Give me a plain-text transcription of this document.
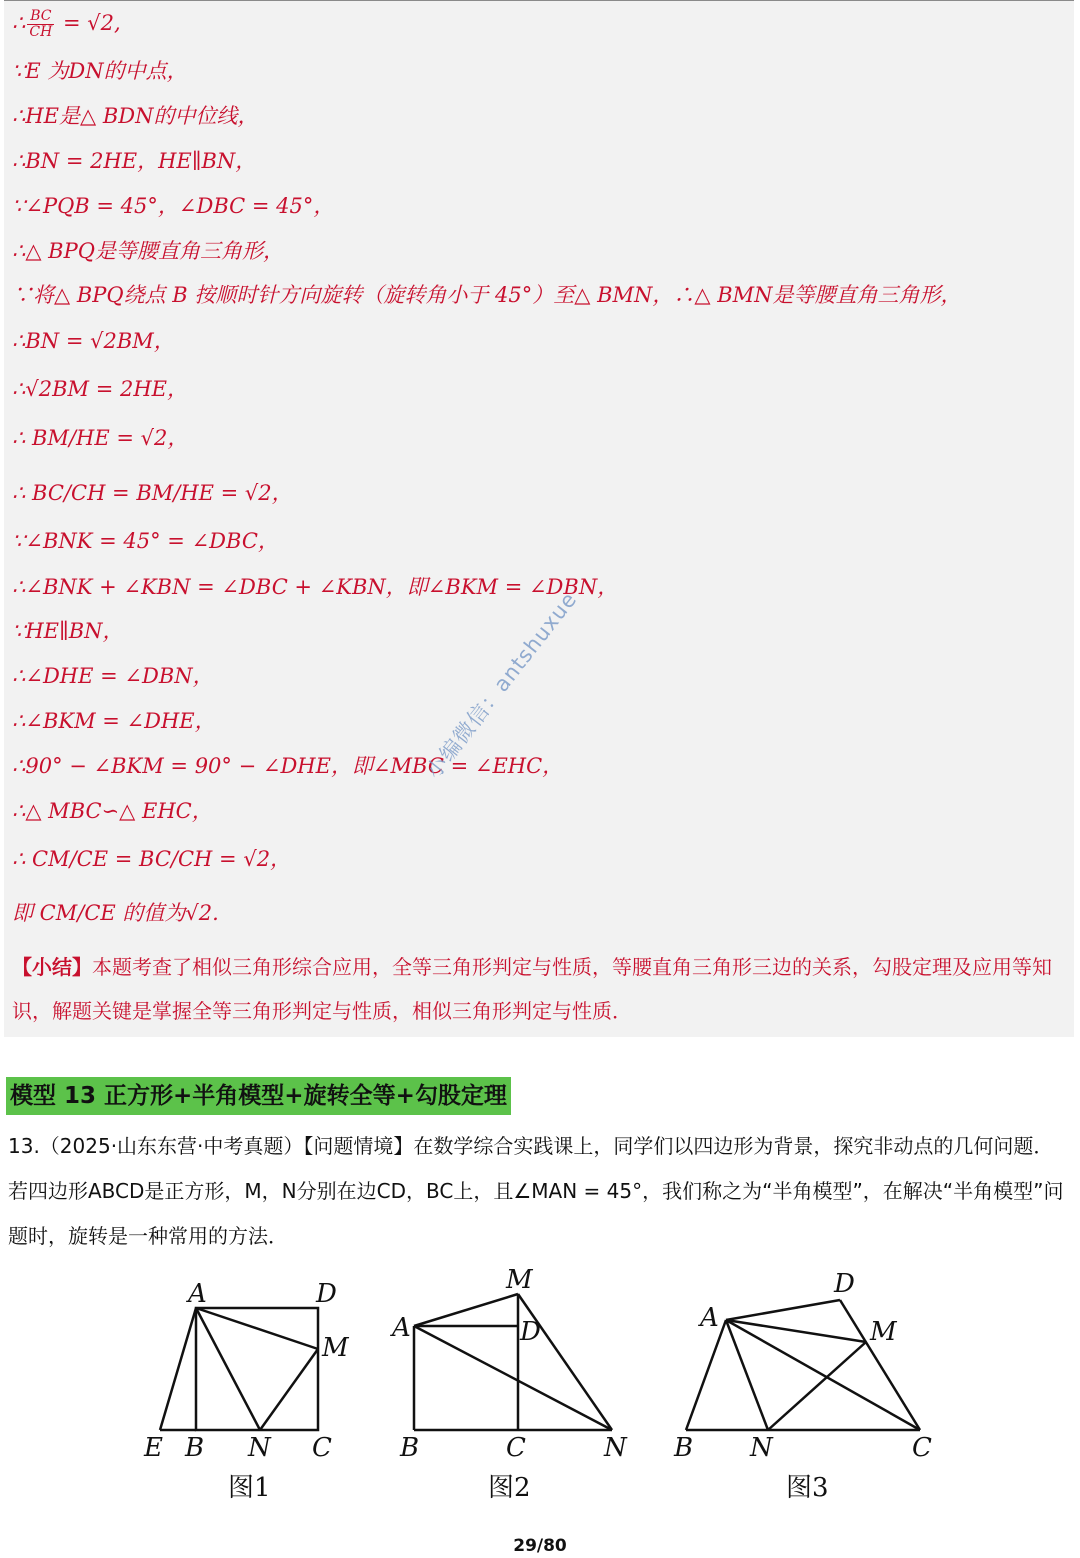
∴ $\frac{BC}{CH} = √2$,
∵E 为DN的中点，
∴HE是△ BDN的中位线，
∴BN = 2HE，HE∥BN，
∵∠PQB = 45°，∠DBC = 45°，
∴△ BPQ是等腰直角三角形，
∵将△ BPQ绕点 B 按顺时针方向旋转（旋转角小于 45°）至△ BMN，∴△ BMN是等腰直角三角形，
∴BN = √2BM，
∴√2BM = 2HE，
∴ BM/HE = √2，
∴ BC/CH = BM/HE = √2，
∵∠BNK = 45° = ∠DBC，
∴∠BNK + ∠KBN = ∠DBC + ∠KBN，即∠BKM = ∠DBN，
∵HE∥BN，
∴∠DHE = ∠DBN，
∴∠BKM = ∠DHE，
∴90° − ∠BKM = 90° − ∠DHE，即∠MBC = ∠EHC，
∴△ MBC∽△ EHC，
∴ CM/CE = BC/CH = √2，
即 CM/CE 的值为√2.
【小结】本题考查了相似三角形综合应用，全等三角形判定与性质，等腰直角三角形三边的关系，勾股定理及应用等知识，解题关键是掌握全等三角形判定与性质，相似三角形判定与性质．
小编微信：antshuxue
模型 13 正方形+半角模型+旋转全等+勾股定理
13.（2025·山东东营·中考真题）【问题情境】在数学综合实践课上，同学们以四边形为背景，探究非动点的几何问题．若四边形ABCD是正方形，M，N分别在边CD，BC上，且∠MAN = 45°，我们称之为“半角模型”，在解决“半角模型”问题时，旋转是一种常用的方法．
A	D
M
E B N C
图1
M
A	D
B	C	N
图2
D
A	M
B N	C
图3
29/80
